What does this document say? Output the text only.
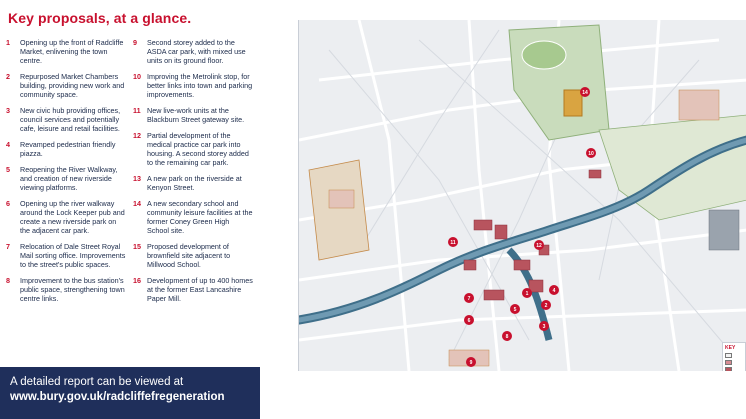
Key proposals, at a glance.
1	Opening up the front of Radcliffe Market, enlivening the town centre.
2	Repurposed Market Chambers building, providing new work and community space.
3	New civic hub providing offices, council services and potentially cafe, leisure and retail facilities.
4	Revamped pedestrian friendly piazza.
5	Reopening the River Walkway, and creation of new riverside viewing platforms.
6	Opening up the river walkway around the Lock Keeper pub and create a new riverside park on the adjacent car park.
7	Relocation of Dale Street Royal Mail sorting office. Improvements to the street's public spaces.
8	Improvement to the bus station's public space, strengthening town centre links.
9	Second storey added to the ASDA car park, with mixed use units on its ground floor.
10 Improving the Metrolink stop, for better links into town and parking improvements.
11 New live-work units at the Blackburn Street gateway site.
12 Partial development of the medical practice car park into housing. A second storey added to the remaining car park.
13 A new park on the riverside at Kenyon Street.
14 A new secondary school and community leisure facilities at the former Coney Green High School site.
15 Proposed development of brownfield site adjacent to Millwood School.
16 Development of up to 400 homes at the former East Lancashire Paper Mill.
A detailed report can be viewed at
www.bury.gov.uk/radcliffefregeneration
1
2
3
4
5
6
7
8
9
10
11	12
14
KEY
